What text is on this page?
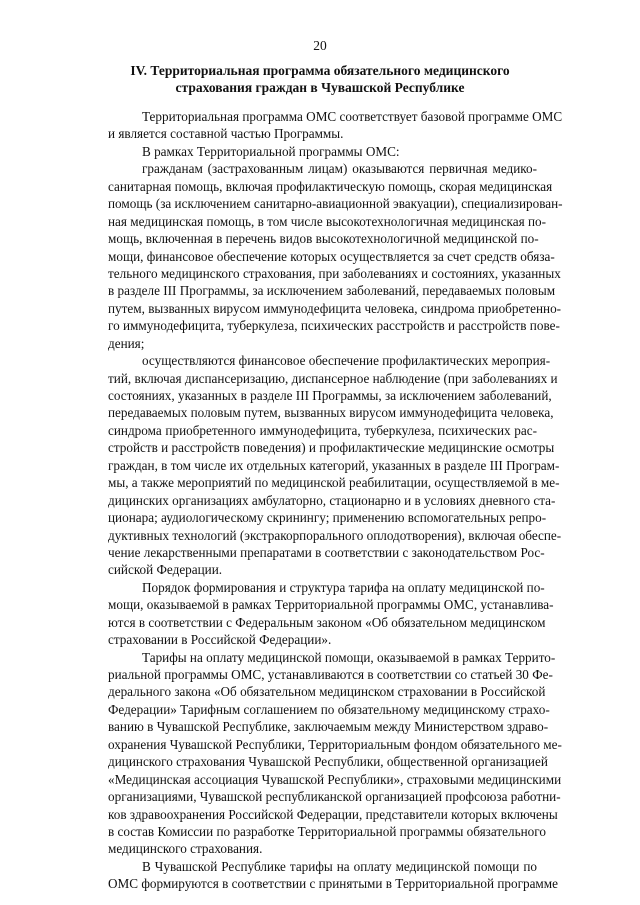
20
IV. Территориальная программа обязательного медицинского
страхования граждан в Чувашской Республике
Территориальная программа ОМС соответствует базовой программе ОМС
и является составной частью Программы.
В рамках Территориальной программы ОМС:
гражданам (застрахованным лицам) оказываются первичная медико-
санитарная помощь, включая профилактическую помощь, скорая медицинская
помощь (за исключением санитарно-авиационной эвакуации), специализирован-
ная медицинская помощь, в том числе высокотехнологичная медицинская по-
мощь, включенная в перечень видов высокотехнологичной медицинской по-
мощи, финансовое обеспечение которых осуществляется за счет средств обяза-
тельного медицинского страхования, при заболеваниях и состояниях, указанных
в разделе III Программы, за исключением заболеваний, передаваемых половым
путем, вызванных вирусом иммунодефицита человека, синдрома приобретенно-
го иммунодефицита, туберкулеза, психических расстройств и расстройств пове-
дения;
осуществляются финансовое обеспечение профилактических мероприя-
тий, включая диспансеризацию, диспансерное наблюдение (при заболеваниях и
состояниях, указанных в разделе III Программы, за исключением заболеваний,
передаваемых половым путем, вызванных вирусом иммунодефицита человека,
синдрома приобретенного иммунодефицита, туберкулеза, психических рас-
стройств и расстройств поведения) и профилактические медицинские осмотры
граждан, в том числе их отдельных категорий, указанных в разделе III Програм-
мы, а также мероприятий по медицинской реабилитации, осуществляемой в ме-
дицинских организациях амбулаторно, стационарно и в условиях дневного ста-
ционара; аудиологическому скринингу; применению вспомогательных репро-
дуктивных технологий (экстракорпорального оплодотворения), включая обеспе-
чение лекарственными препаратами в соответствии с законодательством Рос-
сийской Федерации.
Порядок формирования и структура тарифа на оплату медицинской по-
мощи, оказываемой в рамках Территориальной программы ОМС, устанавлива-
ются в соответствии с Федеральным законом «Об обязательном медицинском
страховании в Российской Федерации».
Тарифы на оплату медицинской помощи, оказываемой в рамках Террито-
риальной программы ОМС, устанавливаются в соответствии со статьей 30 Фе-
дерального закона «Об обязательном медицинском страховании в Российской
Федерации» Тарифным соглашением по обязательному медицинскому страхо-
ванию в Чувашской Республике, заключаемым между Министерством здраво-
охранения Чувашской Республики, Территориальным фондом обязательного ме-
дицинского страхования Чувашской Республики, общественной организацией
«Медицинская ассоциация Чувашской Республики», страховыми медицинскими
организациями, Чувашской республиканской организацией профсоюза работни-
ков здравоохранения Российской Федерации, представители которых включены
в состав Комиссии по разработке Территориальной программы обязательного
медицинского страхования.
В Чувашской Республике тарифы на оплату медицинской помощи по
ОМС формируются в соответствии с принятыми в Территориальной программе
